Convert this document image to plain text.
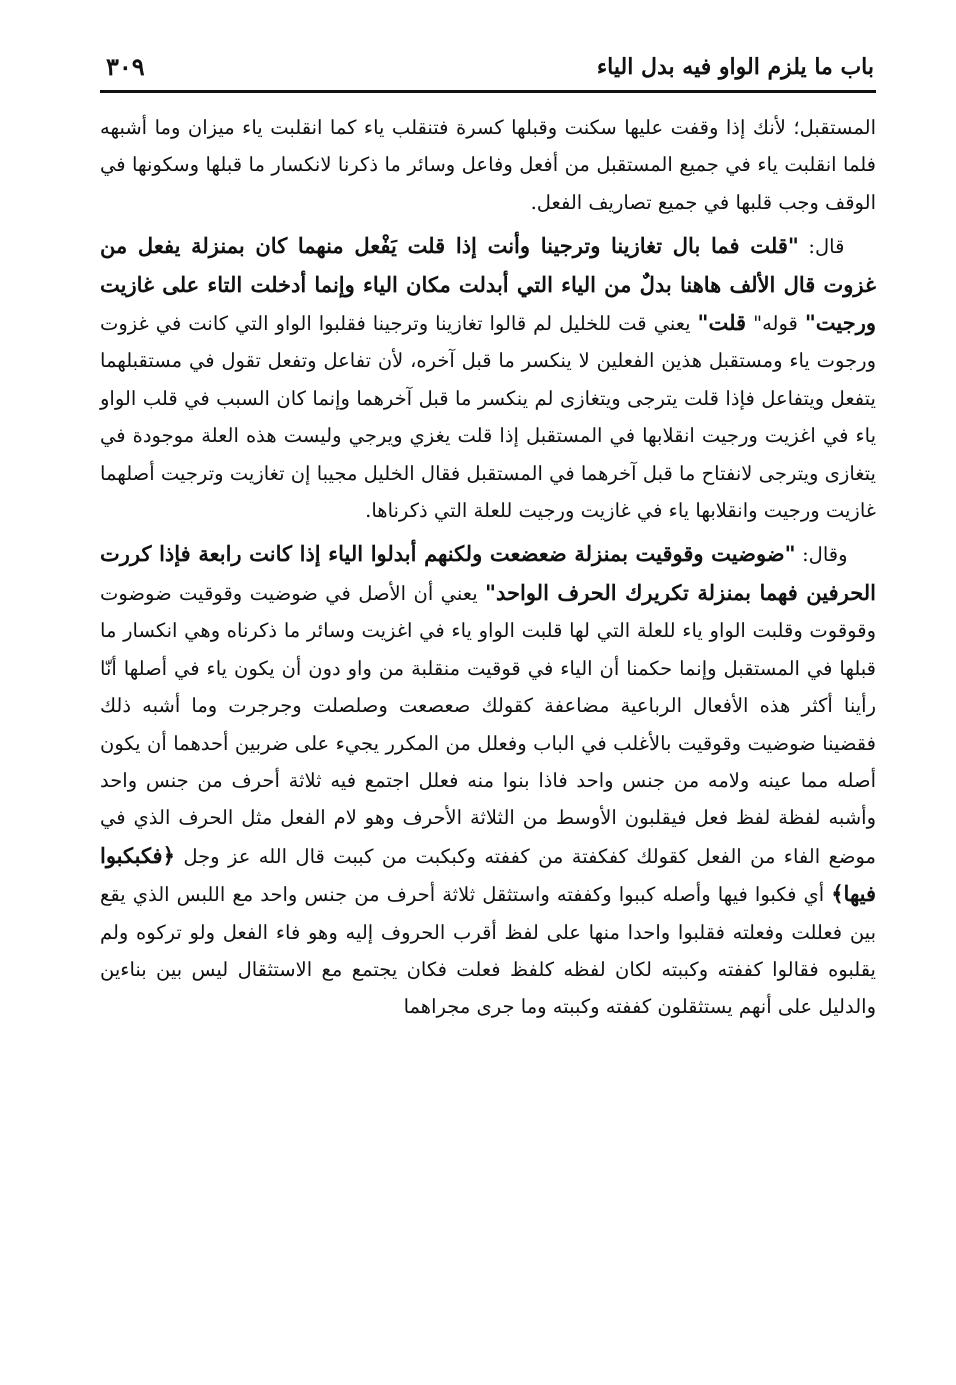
باب ما يلزم الواو فيه بدل الياء
٣٠٩

المستقبل؛ لأنك إذا وقفت عليها سكنت وقبلها كسرة فتنقلب ياء كما انقلبت ياء ميزان وما أشبهه فلما انقلبت ياء في جميع المستقبل من أفعل وفاعل وسائر ما ذكرنا لانكسار ما قبلها وسكونها في الوقف وجب قلبها في جميع تصاريف الفعل.

قال: "قلت فما بال تغازينا وترجينا وأنت إذا قلت يَفْعل منهما كان بمنزلة يفعل من غزوت قال الألف هاهنا بدلٌ من الياء التي أبدلت مكان الياء وإنما أدخلت التاء على غازيت ورجيت" قوله" قلت" يعني قت للخليل لم قالوا تغازينا وترجينا فقلبوا الواو التي كانت في غزوت ورجوت ياء ومستقبل هذين الفعلين لا ينكسر ما قبل آخره، لأن تفاعل وتفعل تقول في مستقبلهما يتفعل ويتفاعل فإذا قلت يترجى ويتغازى لم ينكسر ما قبل آخرهما وإنما كان السبب في قلب الواو ياء في اغزيت ورجيت انقلابها في المستقبل إذا قلت يغزي ويرجي وليست هذه العلة موجودة في يتغازى ويترجى لانفتاح ما قبل آخرهما في المستقبل فقال الخليل مجيبا إن تغازيت وترجيت أصلهما غازيت ورجيت وانقلابها ياء في غازيت ورجيت للعلة التي ذكرناها.

وقال: "ضوضيت وقوقيت بمنزلة ضعضعت ولكنهم أبدلوا الياء إذا كانت رابعة فإذا كررت الحرفين فهما بمنزلة تكريرك الحرف الواحد" يعني أن الأصل في ضوضيت وقوقيت ضوضوت وقوقوت وقلبت الواو ياء للعلة التي لها قلبت الواو ياء في اغزيت وسائر ما ذكرناه وهي انكسار ما قبلها في المستقبل وإنما حكمنا أن الياء في قوقيت منقلبة من واو دون أن يكون ياء في أصلها أنّا رأينا أكثر هذه الأفعال الرباعية مضاعفة كقولك صعصعت وصلصلت وجرجرت وما أشبه ذلك فقضينا ضوضيت وقوقيت بالأغلب في الباب وفعلل من المكرر يجيء على ضربين أحدهما أن يكون أصله مما عينه ولامه من جنس واحد فاذا بنوا منه فعلل اجتمع فيه ثلاثة أحرف من جنس واحد وأشبه لفظة لفظ فعل فيقلبون الأوسط من الثلاثة الأحرف وهو لام الفعل مثل الحرف الذي في موضع الفاء من الفعل كقولك كفكفتة من كففته وكبكبت من كببت قال الله عز وجل ﴿فكبكبوا فيها﴾ أي فكبوا فيها وأصله كببوا وكففته واستثقل ثلاثة أحرف من جنس واحد مع اللبس الذي يقع بين فعللت وفعلته فقلبوا واحدا منها على لفظ أقرب الحروف إليه وهو فاء الفعل ولو تركوه ولم يقلبوه فقالوا كففته وكببته لكان لفظه كلفظ فعلت فكان يجتمع مع الاستثقال ليس بين بناءين والدليل على أنهم يستثقلون كففته وكببته وما جرى مجراهما
